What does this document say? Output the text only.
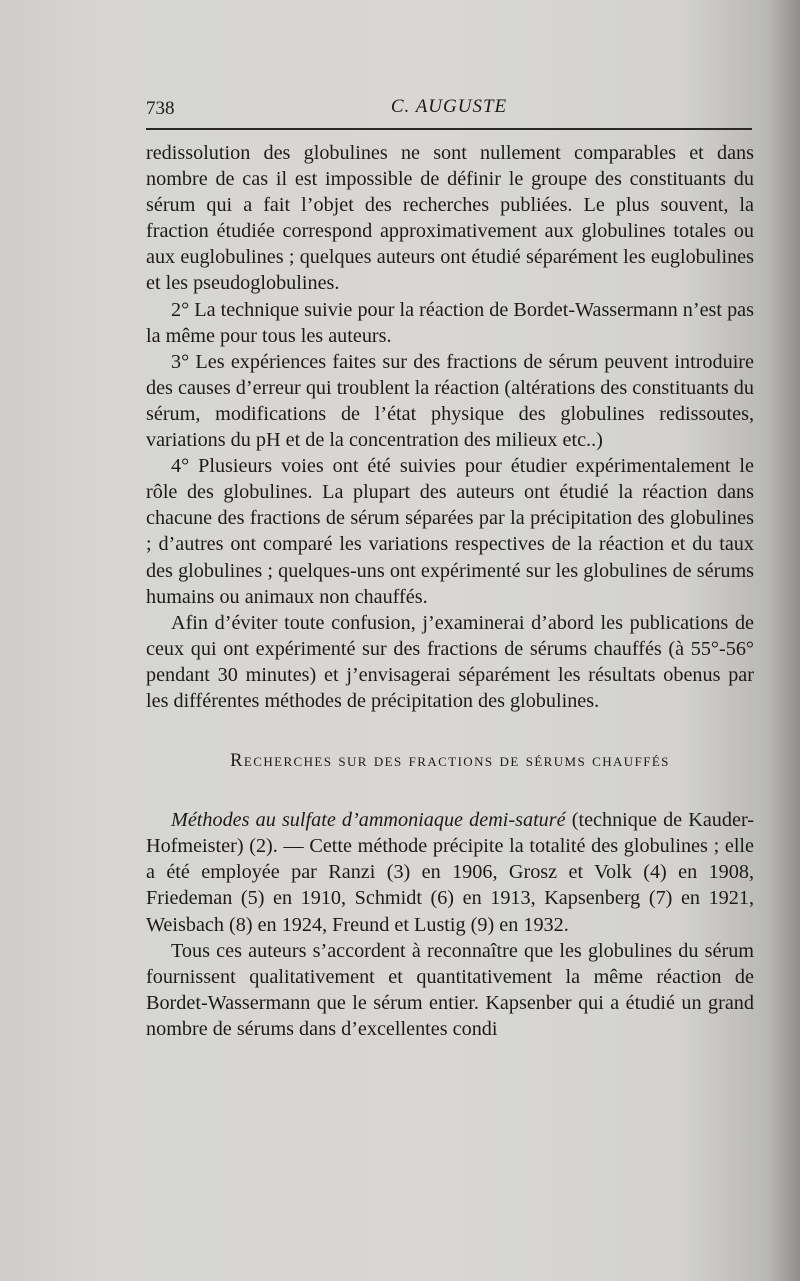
738	C. AUGUSTE

redissolution des globulines ne sont nullement comparables et dans nombre de cas il est impossible de définir le groupe des constituants du sérum qui a fait l’objet des recherches publiées. Le plus souvent, la fraction étudiée correspond approximativement aux globulines totales ou aux euglobulines ; quelques auteurs ont étudié séparément les euglobulines et les pseudoglobulines.

2° La technique suivie pour la réaction de Bordet-Wassermann n’est pas la même pour tous les auteurs.

3° Les expériences faites sur des fractions de sérum peuvent introduire des causes d’erreur qui troublent la réaction (altérations des constituants du sérum, modifications de l’état physique des globulines redissoutes, variations du pH et de la concentration des milieux etc..)

4° Plusieurs voies ont été suivies pour étudier expérimentalement le rôle des globulines. La plupart des auteurs ont étudié la réaction dans chacune des fractions de sérum séparées par la précipitation des globulines ; d’autres ont comparé les variations respectives de la réaction et du taux des globulines ; quelques-uns ont expérimenté sur les globulines de sérums humains ou animaux non chauffés.

Afin d’éviter toute confusion, j’examinerai d’abord les publications de ceux qui ont expérimenté sur des fractions de sérums chauffés (à 55°-56° pendant 30 minutes) et j’envisagerai séparément les résultats obenus par les différentes méthodes de précipitation des globulines.

Recherches sur des fractions de sérums chauffés

Méthodes au sulfate d’ammoniaque demi-saturé (technique de Kauder-Hofmeister) (2). — Cette méthode précipite la totalité des globulines ; elle a été employée par Ranzi (3) en 1906, Grosz et Volk (4) en 1908, Friedeman (5) en 1910, Schmidt (6) en 1913, Kapsenberg (7) en 1921, Weisbach (8) en 1924, Freund et Lustig (9) en 1932.

Tous ces auteurs s’accordent à reconnaître que les globulines du sérum fournissent qualitativement et quantitativement la même réaction de Bordet-Wassermann que le sérum entier. Kapsenber qui a étudié un grand nombre de sérums dans d’excellentes condi
